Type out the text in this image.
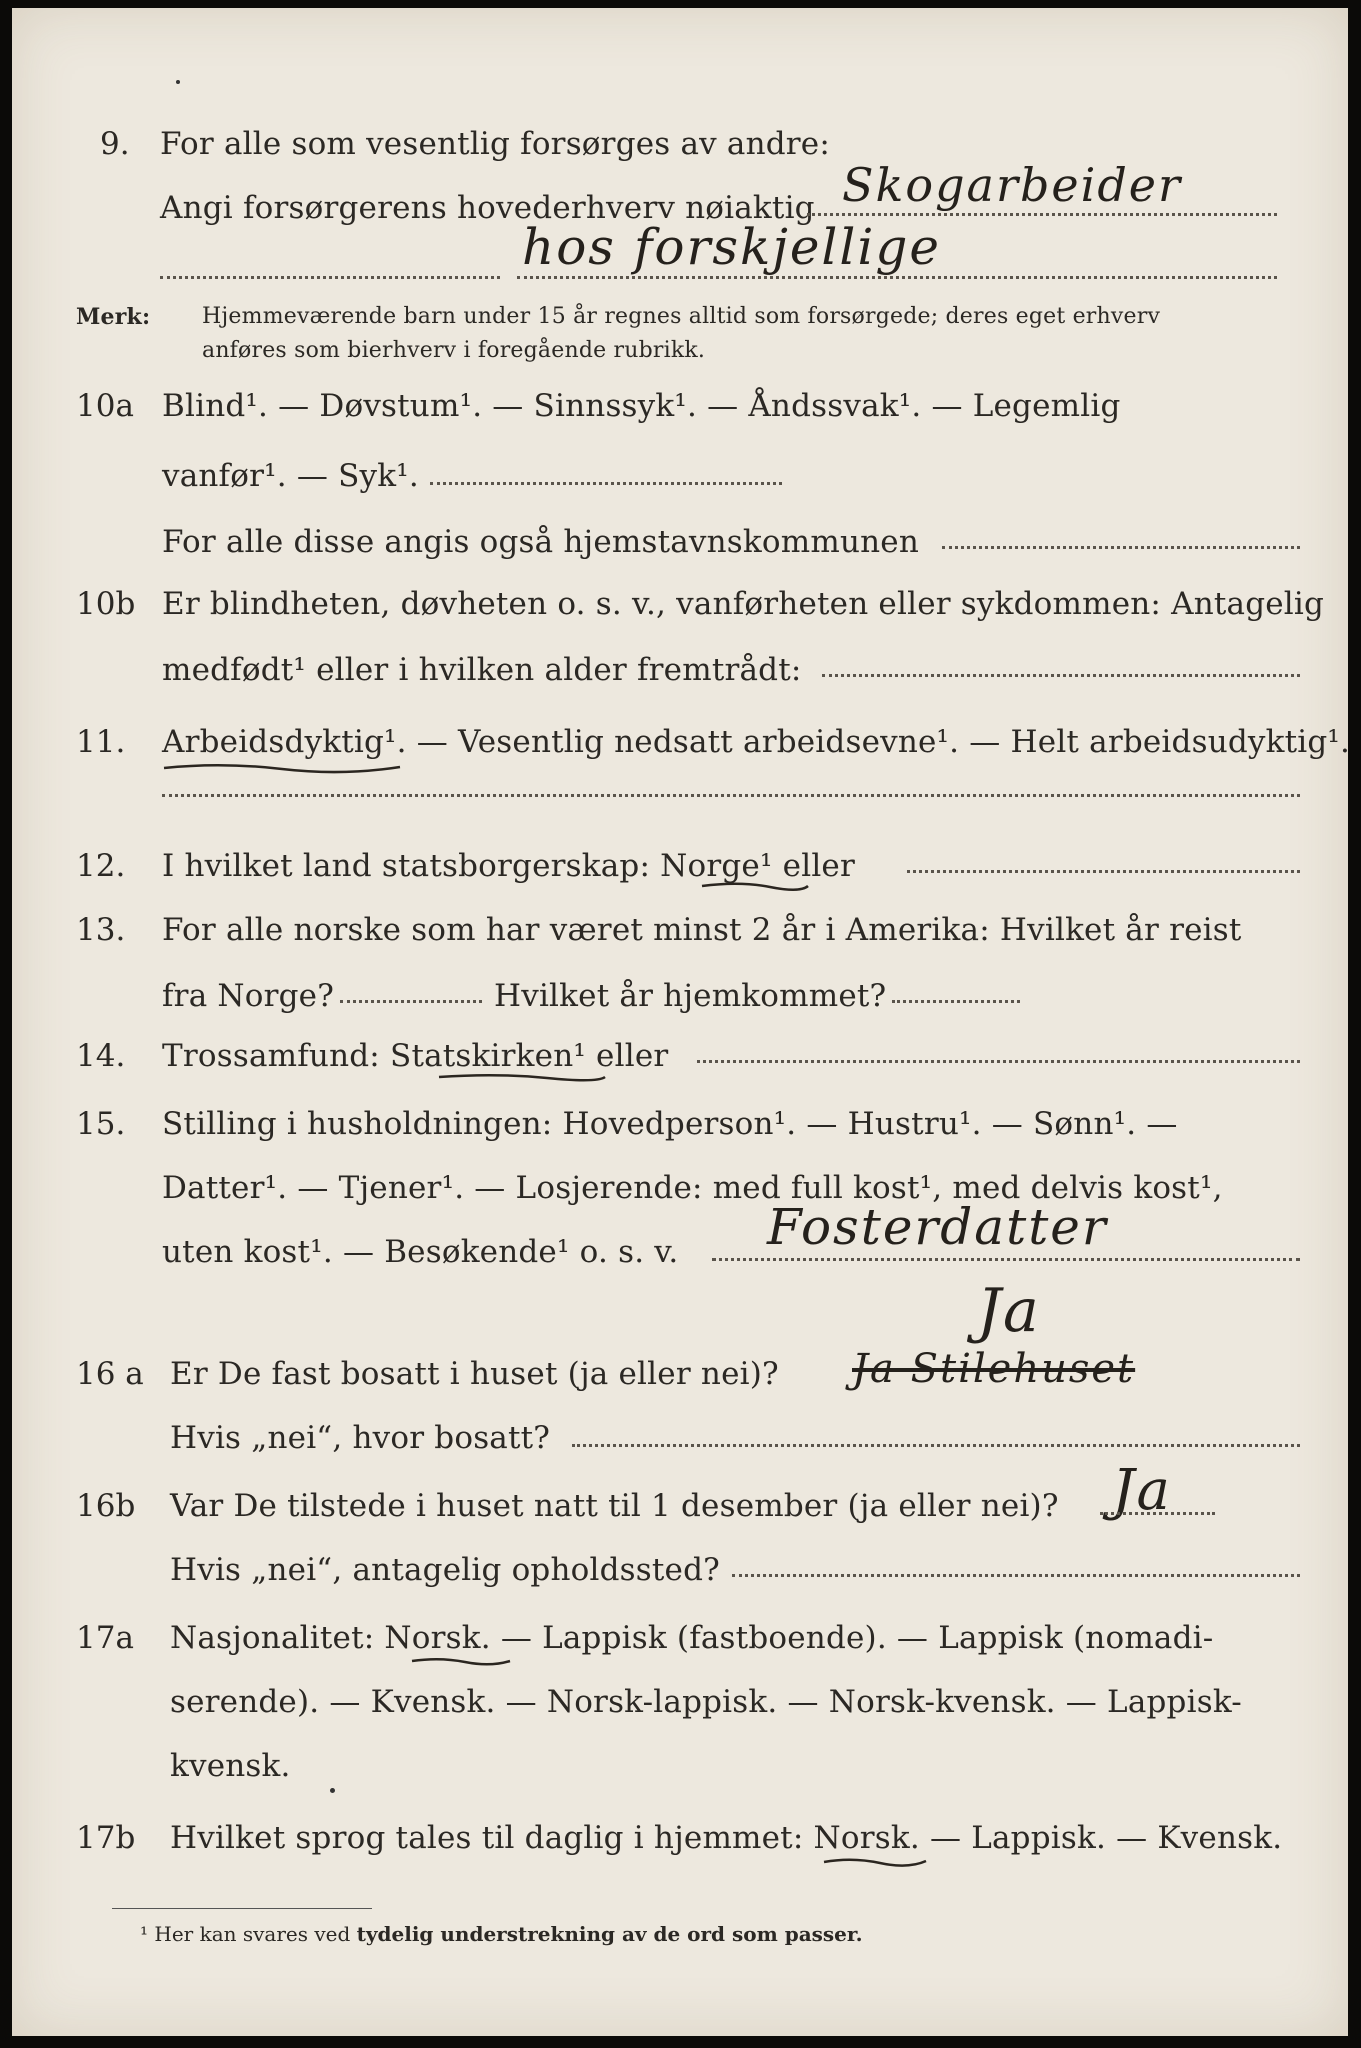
9. For alle som vesentlig forsørges av andre:
Angi forsørgerens hovederhverv nøiaktig Skogarbeider
hos forskjellige
Merk: Hjemmeværende barn under 15 år regnes alltid som forsørgede; deres eget erhverv
anføres som bierhverv i foregående rubrikk.
10a Blind¹. — Døvstum¹. — Sinnssyk¹. — Åndssvak¹. — Legemlig
vanfør¹. — Syk¹.
For alle disse angis også hjemstavnskommunen
10b Er blindheten, døvheten o. s. v., vanførheten eller sykdommen: Antagelig
medfødt¹ eller i hvilken alder fremtrådt:
11. Arbeidsdyktig¹. — Vesentlig nedsatt arbeidsevne¹. — Helt arbeidsudyktig¹.
12. I hvilket land statsborgerskap: Norge¹ eller
13. For alle norske som har været minst 2 år i Amerika: Hvilket år reist
fra Norge?	Hvilket år hjemkommet?
14. Trossamfund: Statskirken¹ eller
15. Stilling i husholdningen: Hovedperson¹. — Hustru¹. — Sønn¹. —
Datter¹. — Tjener¹. — Losjerende: med full kost¹, med delvis kost¹,
uten kost¹. — Besøkende¹ o. s. v. Fosterdatter
16 a Er De fast bosatt i huset (ja eller nei)?
Ja
Ja Stilehuset
Hvis „nei“, hvor bosatt?
16b Var De tilstede i huset natt til 1 desember (ja eller nei)? Ja
Hvis „nei“, antagelig opholdssted?
17a Nasjonalitet: Norsk. — Lappisk (fastboende). — Lappisk (nomadi-
serende). — Kvensk. — Norsk-lappisk. — Norsk-kvensk. — Lappisk-
kvensk.
17b Hvilket sprog tales til daglig i hjemmet: Norsk. — Lappisk. — Kvensk.
¹ Her kan svares ved tydelig understrekning av de ord som passer.
